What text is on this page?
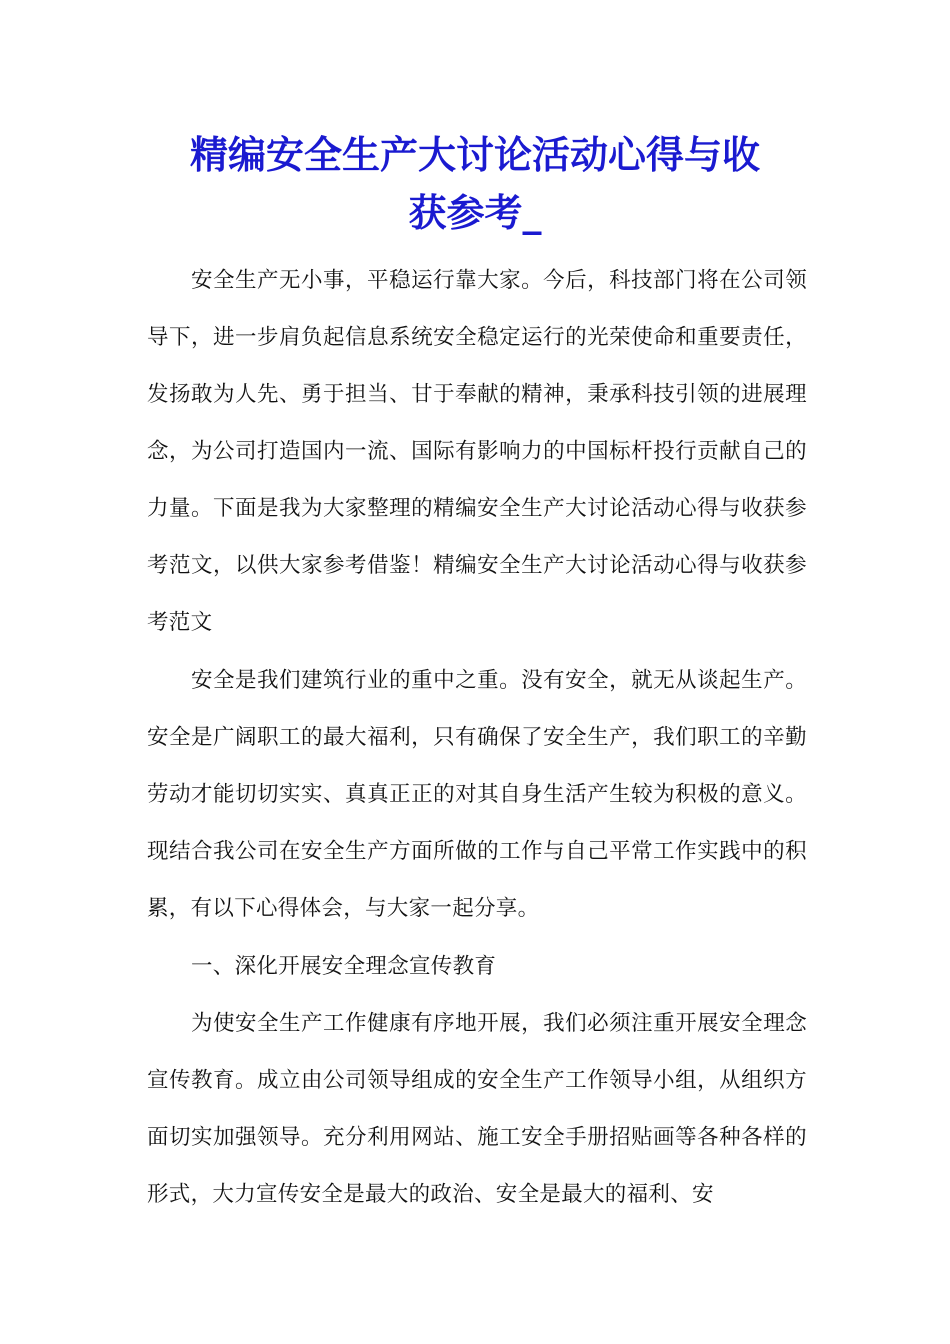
精编安全生产大讨论活动心得与收
获参考_

安全生产无小事，平稳运行靠大家。今后，科技部门将在公司领导下，进一步肩负起信息系统安全稳定运行的光荣使命和重要责任，发扬敢为人先、勇于担当、甘于奉献的精神，秉承科技引领的进展理念，为公司打造国内一流、国际有影响力的中国标杆投行贡献自己的力量。下面是我为大家整理的精编安全生产大讨论活动心得与收获参考范文，以供大家参考借鉴！精编安全生产大讨论活动心得与收获参考范文

安全是我们建筑行业的重中之重。没有安全，就无从谈起生产。安全是广阔职工的最大福利，只有确保了安全生产，我们职工的辛勤劳动才能切切实实、真真正正的对其自身生活产生较为积极的意义。现结合我公司在安全生产方面所做的工作与自己平常工作实践中的积累，有以下心得体会，与大家一起分享。

一、深化开展安全理念宣传教育

为使安全生产工作健康有序地开展，我们必须注重开展安全理念宣传教育。成立由公司领导组成的安全生产工作领导小组，从组织方面切实加强领导。充分利用网站、施工安全手册招贴画等各种各样的形式，大力宣传安全是最大的政治、安全是最大的福利、安
